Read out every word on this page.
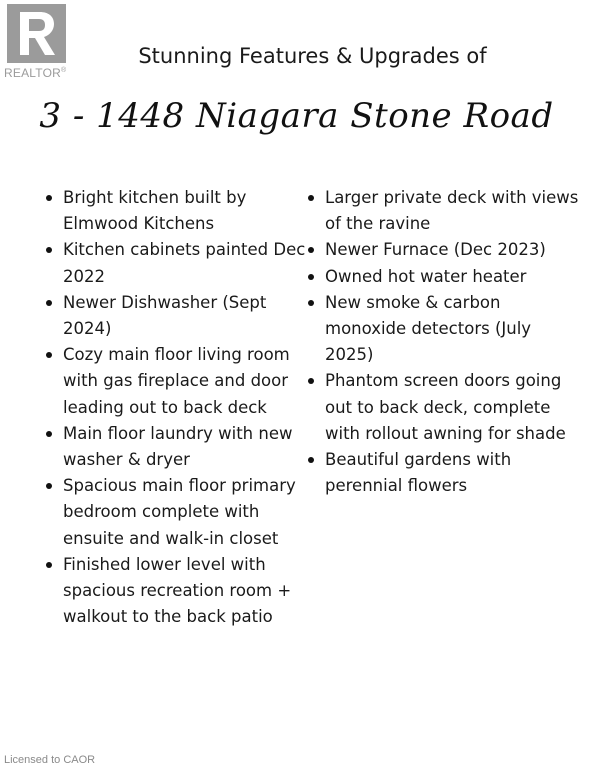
REALTOR®
Stunning Features & Upgrades of
3 - 1448 Niagara Stone Road
Bright kitchen built by Elmwood Kitchens
Kitchen cabinets painted Dec 2022
Newer Dishwasher (Sept 2024)
Cozy main floor living room with gas fireplace and door leading out to back deck
Main floor laundry with new washer & dryer
Spacious main floor primary bedroom complete with ensuite and walk-in closet
Finished lower level with spacious recreation room + walkout to the back patio
Larger private deck with views of the ravine
Newer Furnace (Dec 2023)
Owned hot water heater
New smoke & carbon monoxide detectors (July 2025)
Phantom screen doors going out to back deck, complete with rollout awning for shade
Beautiful gardens with perennial flowers
Licensed to CAOR
